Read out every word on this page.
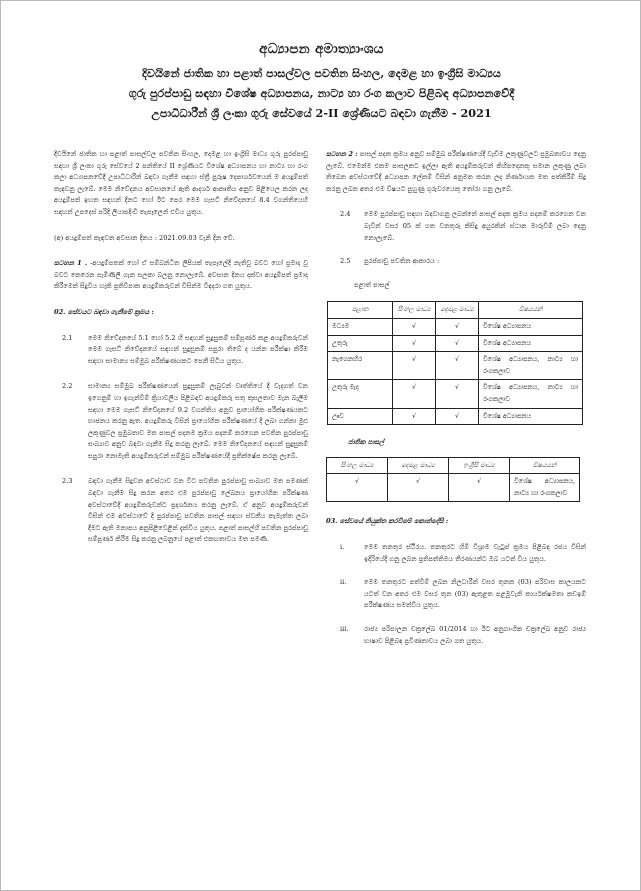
අධ්‍යාපන අමාත්‍යාංශය
දිවයිනේ ජාතික හා පළාත් පාසල්වල පවතින සිංහල, දෙමළ හා ඉංග්‍රීසි මාධ්‍යය
ගුරු පුරප්පාඩු සඳහා විශේෂ අධ්‍යාපනය, නාට්‍ය හා රංග කලාව පිළිබඳ අධ්‍යාපනවේදී
උපාධිධාරීන් ශ්‍රී ලංකා ගුරු සේවයේ 2-II ශ්‍රේණියට බඳවා ගැනීම - 2021

දිවයිනේ ජාතික හා පළාත් පාසල්වල පවතින සිංහල, දෙමළ හා ඉංග්‍රීසි මාධ්‍ය ගුරු පුරප්පාඩු සඳහා ශ්‍රී ලංකා ගුරු සේවයේ 2 පන්තියේ II ශ්‍රේණියට විශේෂ අධ්‍යාපනය හා නාට්‍ය හා රංග කලා අධ්‍යාපනවේදී උපාධිධාරීන් බඳවා ගැනීම සඳහා ස්ත්‍රී පුරුෂ දෙපාර්ශවයෙන් ම අයදුම්පත් කැඳවනු ලැබේ. මෙම නිවේදනය අවසානයේ ඇති ආදර්ශ ආකෘතිය අනුව පිළියෙල කරන ලද අයදුම්පත් ඉහත සඳහන් දිනට හෝ ඊට පෙර මෙම ගැසට් නිවේදනයේ 8.4 වගන්තියෙහි සඳහන් උපදෙස් පරිදි ලියාපදිංචි තැපෑලෙන් එවිය යුතුය.

(අ) අයදුම්පත් කැඳවන අවසාන දිනය : 2021.09.03 වැනි දින වේ.

සටහන 1 . -අයදුම්පතක් හෝ ඒ සම්බන්ධිත ලිපියක් තැපෑලේදී නැතිවූ බවට හෝ ප්‍රමාද වූ බවට කෙරෙන පැමිණිලි ගැන සලකා බලනු නොලැබේ. අවසාන දිනය දක්වා අයදුම්පත් ප්‍රමාද කිරීමෙන් සිදුවිය හැකි ප්‍රතිවිපාක අයදුම්කරුවන් විසින්ම විඳදරා ගත යුතුය.

02. සේවයට බඳවා ගැනීමේ ක්‍රමය :

2.1	මෙම නිවේදනයේ 5.1 හෝ 5.2 හි සඳහන් සුදුසුකම් සම්පූර්ණ කළ අයදුම්කරුවන් මෙම ගැසට් නිවේදනයේ සඳහන් සුදුසුකම් සපුරා තිබේ ද යන්න පරීක්ෂා කිරීම සඳහා සාමාන්‍ය සම්මුඛ පරීක්ෂණයකට පෙනී සිටිය යුතුය.
2.2	සාමාන්‍ය සම්මුඛ පරීක්ෂණයෙන් සුදුසුකම් ලැබුවන් වෘත්තියේ දී වැදගත් වන ඉගෙනුම් හා ඉගැන්වීම් ක්‍රියාවලිය පිළිබඳව අයදුම්කරු සතු කුසලතාව මැන බැලීම සඳහා මෙම ගැසට් නිවේදනයේ 9.2 වගන්තිය අනුව ප්‍රායෝගික පරීක්ෂණයකට භාජනය කරනු ඇත. අයදුම්කරු විසින් ප්‍රායෝගික පරීක්ෂණයේ දී ලබා ගන්නා මුළු ලකුණුවල ප්‍රමුඛතාව මත පාසල් පදනම ක්‍රමය පදනම් කරගෙන පවතින පුරප්පාඩු සංඛ්‍යාව අනුව බඳවා ගැනීම සිදු කරනු ලැබේ. මෙම නිවේදනයේ සඳහන් සුදුසුකම් සපුරා නොමැති අයදුම්කරුවන් සම්මුඛ පරීක්ෂණයේදී ප්‍රතික්ෂේප කරනු ලැබේ.
2.3	බඳවා ගැනීම සිදුවන අවස්ථාව වන විට පවතින පුරප්පාඩු සංඛ්‍යාව මත පමණක් බඳවා ගැනීම සිදු කරන අතර එම පුරප්පාඩු ලේඛනය ප්‍රායෝගික පරීක්ෂණ අවස්ථාවේදී අයදුම්කරුවන්ට ප්‍රදර්ශනය කරනු ලැබේ. ඒ අනුව අයදුම්කරුවන් විසින් එම අවස්ථාවේ දී පුරප්පාඩු පවතින පාසල් සඳහා ස්වකීය කැමැත්ත ලබා දීමට ඇති මනාපය අනුපිළිවෙළින් දැක්විය යුතුය. පළාත් පාසල්හි පවතින පුරප්පාඩු සම්පූර්ණ කිරීම සිදු කරනු ලබනුයේ පළාත් එකඟතාවය මත පමණි.

සටහන 2 : පාසල් පදක ක්‍රමය අනුව සම්මුඛ පරීක්ෂණයේදී වැඩිම ලකුණුවලට ප්‍රමුඛතාවය දෙනු ලැබේ. එමෙන්ම එකම පාසලකට ඉල්ලා ඇති අයදුම්කරුවන් කිහිපදෙනකු සමාන ලකුණු ලබා තිබෙන අවස්ථාවේදී අධ්‍යාපන ලේකම් විසින් අනුමත කරන ලද නිර්ණායක මත පත්කිරීම් සිදු කරනු ලබන අතර එම විෂයට පුහුණු ගුරුවරයෙකු තෝරා ගනු ලැබේ.

2.4	මෙම පුරප්පාඩු සඳහා බඳවාගනු ලබන්නේ පාසල් පදක ක්‍රමය පදනම් කරගෙන වන බැවින් වසර 05 ක් ගත වනතුරු කිසිදු අයුරකින් ස්ථාන මාරුවීම් ලබා දෙනු නොලැබේ.
2.5	පුරප්පාඩු පවතින ආකාරය :

පළාත් පාසල්

පළාත	සිංහල මාධ්‍ය	දෙමළ මාධ්‍ය	විෂයයන්
මධ්‍යම	√	√	විශේෂ අධ්‍යාපනය
උතුරු	√	√	විශේෂ අධ්‍යාපනය
නැගෙනහිර	√	√	විශේෂ අධ්‍යාපනය, නාට්‍ය හා රංගකලාව
උතුරු මැද	√	√	විශේෂ අධ්‍යාපනය, නාට්‍ය හා රංගකලාව
ඌව	√	√	විශේෂ අධ්‍යාපනය

ජාතික පාසල්

සිංහල මාධ්‍ය	දෙමළ මාධ්‍ය	ඉංග්‍රීසි මාධ්‍ය	විෂයයන්
√	√	√	විශේෂ අධ්‍යාපනය, නාට්‍ය හා රංගකලාව

03. සේවයේ නියුක්ත කරවීමේ කොන්දේසි :

i.	මෙම තනතුර ස්ථිරය. තනතුරට හිමි විශ්‍රාම වැටුප් ක්‍රමය පිළිබඳ රජය විසින් ඉදිරියේදී ගනු ලබන ප්‍රතිපත්තිමය තීරණයන්ට ඔබ යටත් විය යුතුය.
ii.	මෙම තනතුරට පත්වීම් ලබන නිලධාරීන් වසර තුනක (03) පරිවාස කාලයකට යටත් වන අතර එම වසර තුන (03) ඇතුළත පළමුවැනි කාර්යක්ෂමතා කඩඉම් පරීක්ෂණය සමත්විය යුතුය.
iii.	රාජ්‍ය පරිපාලන චක්‍රලේඛ 01/2014 හා ඊට අනුගාංගික චක්‍රලේඛ අනුව රාජ්‍ය භාෂාව පිළිබඳ ප්‍රවීණතාවය ලබා ගත යුතුය.
